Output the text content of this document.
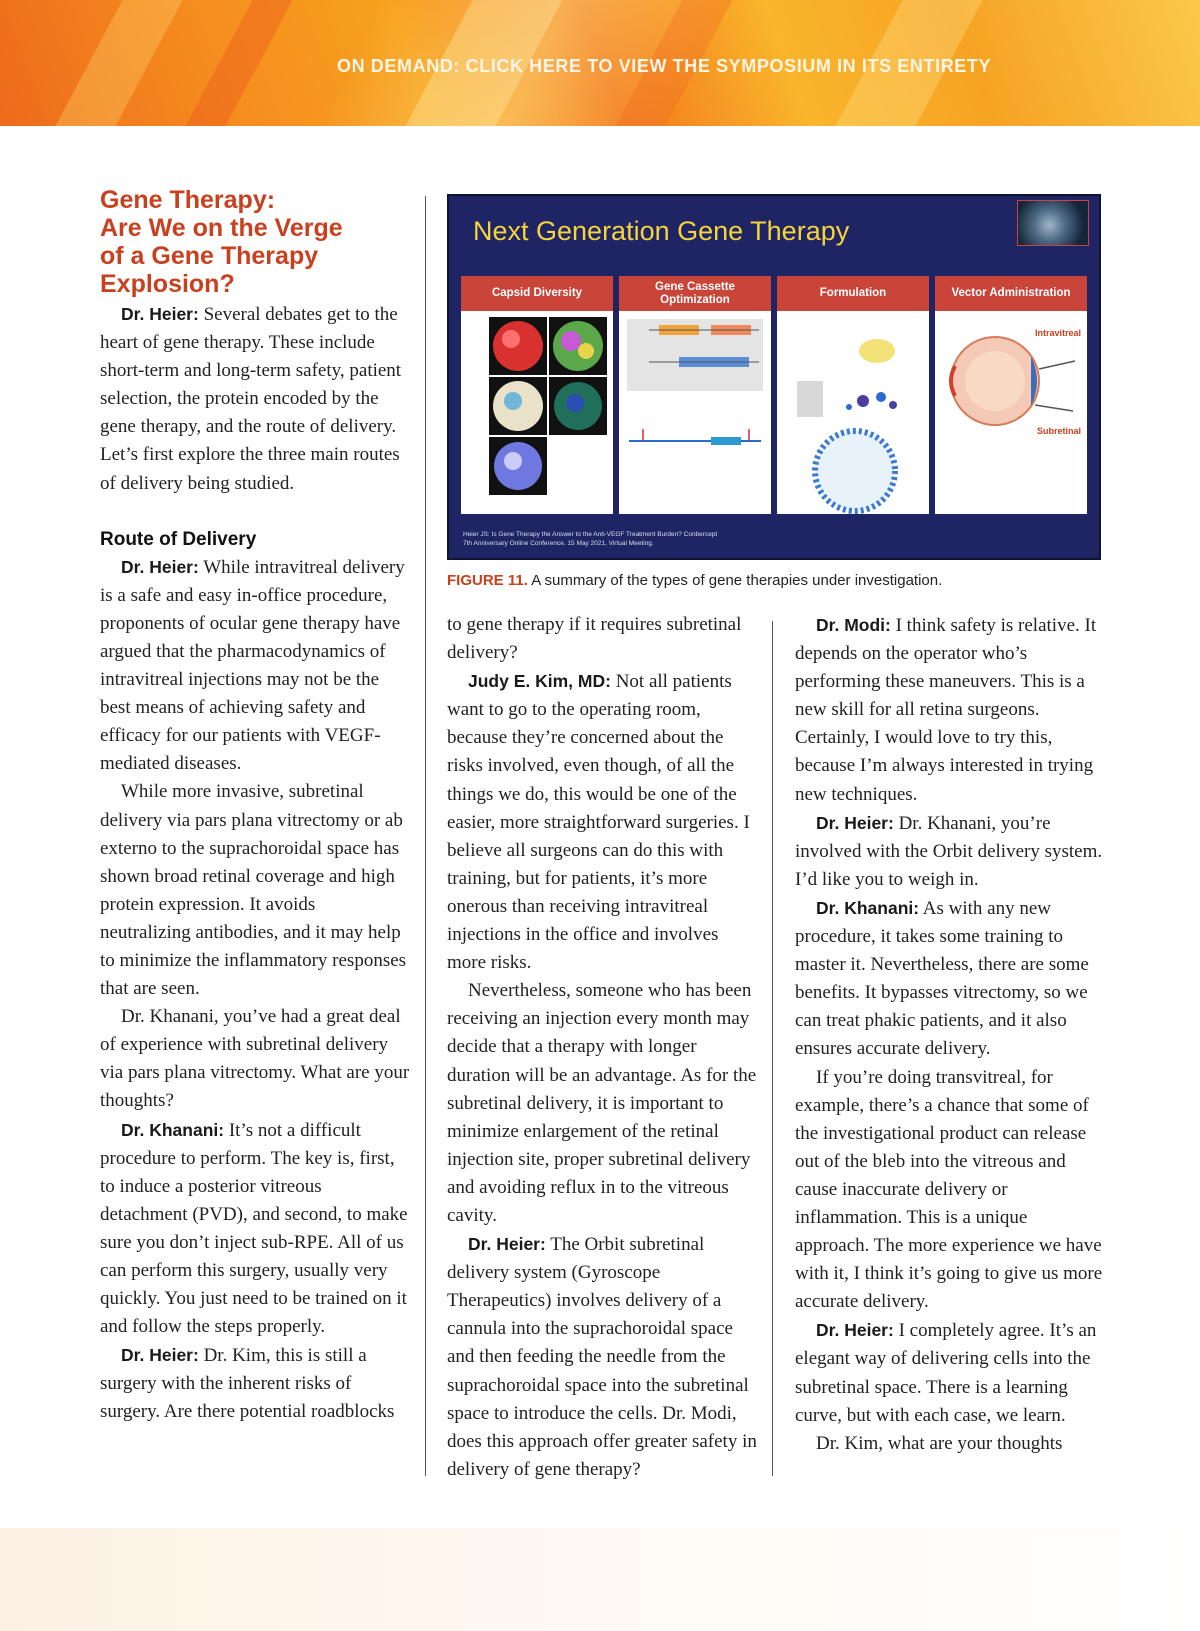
ON DEMAND: CLICK HERE TO VIEW THE SYMPOSIUM IN ITS ENTIRETY
Gene Therapy:
Are We on the Verge
of a Gene Therapy
Explosion?

Dr. Heier: Several debates get to the heart of gene therapy. These include short-term and long-term safety, patient selection, the protein encoded by the gene therapy, and the route of delivery. Let’s first explore the three main routes of delivery being studied.

Route of Delivery

Dr. Heier: While intravitreal delivery is a safe and easy in-office procedure, proponents of ocular gene therapy have argued that the pharmacodynamics of intravitreal injections may not be the best means of achieving safety and efficacy for our patients with VEGF-mediated diseases.

While more invasive, subretinal delivery via pars plana vitrectomy or ab externo to the suprachoroidal space has shown broad retinal coverage and high protein expression. It avoids neutralizing antibodies, and it may help to minimize the inflammatory responses that are seen.

Dr. Khanani, you’ve had a great deal of experience with subretinal delivery via pars plana vitrectomy. What are your thoughts?

Dr. Khanani: It’s not a difficult procedure to perform. The key is, first, to induce a posterior vitreous detachment (PVD), and second, to make sure you don’t inject sub-RPE. All of us can perform this surgery, usually very quickly. You just need to be trained on it and follow the steps properly.

Dr. Heier: Dr. Kim, this is still a surgery with the inherent risks of surgery. Are there potential roadblocks

Next Generation Gene Therapy
Capsid Diversity
Gene Cassette Optimization
Formulation	Vector Administration
Intravitreal
Subretinal
Heier JS: Is Gene Therapy the Answer to the Anti-VEGF Treatment Burden? Conbercept
7th Anniversary Online Conference. 15 May 2021, Virtual Meeting.
FIGURE 11. A summary of the types of gene therapies under investigation.

to gene therapy if it requires subretinal delivery?

Judy E. Kim, MD: Not all patients want to go to the operating room, because they’re concerned about the risks involved, even though, of all the things we do, this would be one of the easier, more straightforward surgeries. I believe all surgeons can do this with training, but for patients, it’s more onerous than receiving intravitreal injections in the office and involves more risks.

Nevertheless, someone who has been receiving an injection every month may decide that a therapy with longer duration will be an advantage. As for the subretinal delivery, it is important to minimize enlargement of the retinal injection site, proper subretinal delivery and avoiding reflux in to the vitreous cavity.

Dr. Heier: The Orbit subretinal delivery system (Gyroscope Therapeutics) involves delivery of a cannula into the suprachoroidal space and then feeding the needle from the suprachoroidal space into the subretinal space to introduce the cells. Dr. Modi, does this approach offer greater safety in delivery of gene therapy?

Dr. Modi: I think safety is relative. It depends on the operator who’s performing these maneuvers. This is a new skill for all retina surgeons. Certainly, I would love to try this, because I’m always interested in trying new techniques.

Dr. Heier: Dr. Khanani, you’re involved with the Orbit delivery system. I’d like you to weigh in.

Dr. Khanani: As with any new procedure, it takes some training to master it. Nevertheless, there are some benefits. It bypasses vitrectomy, so we can treat phakic patients, and it also ensures accurate delivery.

If you’re doing transvitreal, for example, there’s a chance that some of the investigational product can release out of the bleb into the vitreous and cause inaccurate delivery or inflammation. This is a unique approach. The more experience we have with it, I think it’s going to give us more accurate delivery.

Dr. Heier: I completely agree. It’s an elegant way of delivering cells into the subretinal space. There is a learning curve, but with each case, we learn.

Dr. Kim, what are your thoughts
